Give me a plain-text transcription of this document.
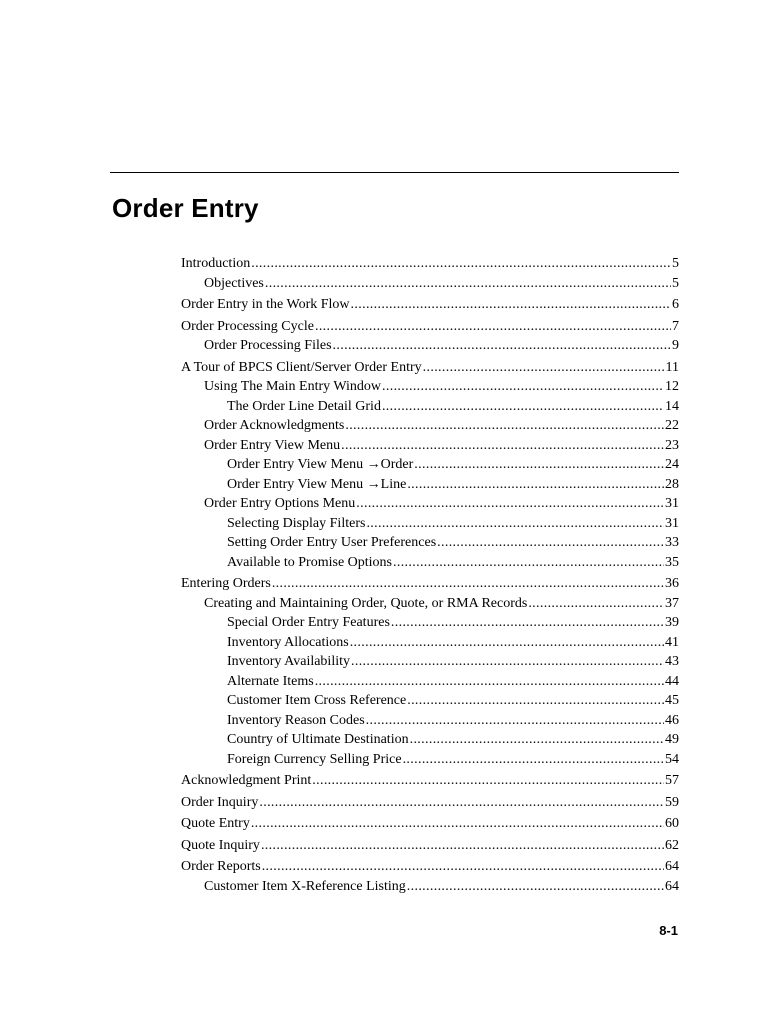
Order Entry
Introduction .....	5
Objectives .....	5
Order Entry in the Work Flow .....	6
Order Processing Cycle .....	7
Order Processing Files .....	9
A Tour of BPCS Client/Server Order Entry .....	11
Using The Main Entry Window .....	12
The Order Line Detail Grid .....	14
Order Acknowledgments .....	22
Order Entry View Menu .....	23
Order Entry View Menu →Order .....	24
Order Entry View Menu →Line .....	28
Order Entry Options Menu .....	31
Selecting Display Filters .....	31
Setting Order Entry User Preferences .....	33
Available to Promise Options .....	35
Entering Orders .....	36
Creating and Maintaining Order, Quote, or RMA Records .....	37
Special Order Entry Features .....	39
Inventory Allocations .....	41
Inventory Availability .....	43
Alternate Items .....	44
Customer Item Cross Reference .....	45
Inventory Reason Codes .....	46
Country of Ultimate Destination .....	49
Foreign Currency Selling Price .....	54
Acknowledgment Print .....	57
Order Inquiry .....	59
Quote Entry .....	60
Quote Inquiry .....	62
Order Reports .....	64
Customer Item X-Reference Listing .....	64
8-1
